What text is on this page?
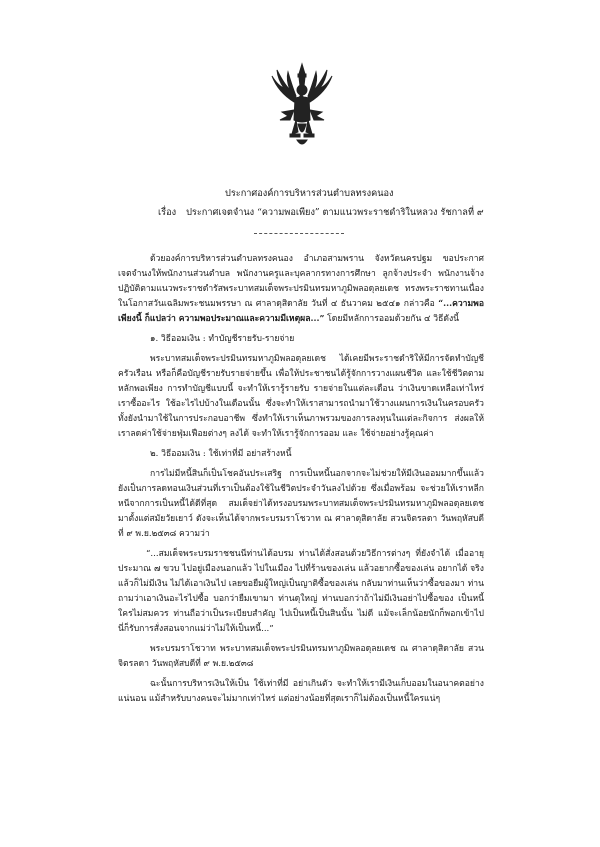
ประกาศองค์การบริหารส่วนตำบลทรงคนอง
เรื่อง ประกาศเจตจำนง “ความพอเพียง” ตามแนวพระราชดำริในหลวง รัชกาลที่ ๙

ด้วยองค์การบริหารส่วนตำบลทรงคนอง อำเภอสามพราน จังหวัดนครปฐม ขอประกาศเจตจำนงให้พนักงานส่วนตำบล พนักงานครูและบุคลากรทางการศึกษา ลูกจ้างประจำ พนักงานจ้าง ปฏิบัติตามแนวพระราชดำรัสพระบาทสมเด็จพระปรมินทรมหาภูมิพลอดุลยเดช ทรงพระราชทานเนื่องในโอกาสวันเฉลิมพระชนมพรรษา ณ ศาลาดุสิดาลัย วันที่ ๔ ธันวาคม ๒๕๔๑ กล่าวคือ “...ความพอเพียงนี้ ก็แปลว่า ความพอประมาณและความมีเหตุผล...” โดยมีหลักการออมด้วยกัน ๔ วิธีดังนี้

๑. วิธีออมเงิน : ทำบัญชีรายรับ-รายจ่าย

พระบาทสมเด็จพระปรมินทรมหาภูมิพลอดุลยเดช ได้เคยมีพระราชดำริให้มีการจัดทำบัญชีครัวเรือน หรือก็คือบัญชีรายรับรายจ่ายขึ้น เพื่อให้ประชาชนได้รู้จักการวางแผนชีวิต และใช้ชีวิตตามหลักพอเพียง การทำบัญชีแบบนี้ จะทำให้เรารู้รายรับ รายจ่ายในแต่ละเดือน ว่าเงินขาดเหลือเท่าไหร่ เราซื้ออะไร ใช้อะไรไปบ้างในเดือนนั้น ซึ่งจะทำให้เราสามารถนำมาใช้วางแผนการเงินในครอบครัว ทั้งยังนำมาใช้ในการประกอบอาชีพ ซึ่งทำให้เราเห็นภาพรวมของการลงทุนในแต่ละกิจการ ส่งผลให้เราลดค่าใช้จ่ายฟุ่มเฟือยต่างๆ ลงได้ จะทำให้เรารู้จักการออม และ ใช้จ่ายอย่างรู้คุณค่า

๒. วิธีออมเงิน : ใช้เท่าที่มี อย่าสร้างหนี้

การไม่มีหนี้สินก็เป็นโชคอันประเสริฐ การเป็นหนี้นอกจากจะไม่ช่วยให้มีเงินออมมากขึ้นแล้ว ยังเป็นการลดทอนเงินส่วนที่เราเป็นต้องใช้ในชีวิตประจำวันลงไปด้วย ซึ่งเมื่อพร้อม จะช่วยให้เราหลีกหนีจากการเป็นหนี้ได้ดีที่สุด สมเด็จย่าได้ทรงอบรมพระบาทสมเด็จพระปรมินทรมหาภูมิพลอดุลยเดชมาตั้งแต่สมัยวัยเยาว์ ดังจะเห็นได้จากพระบรมราโชวาท ณ ศาลาดุสิดาลัย สวนจิตรลดา วันพฤหัสบดีที่ ๙ พ.ย.๒๕๓๘ ความว่า

“...สมเด็จพระบรมราชชนนีท่านได้อบรม ท่านได้สั่งสอนด้วยวิธีการต่างๆ ที่ยังจำได้ เมื่ออายุประมาณ ๗ ขวบ ไปอยู่เมืองนอกแล้ว ไปในเมือง ไปที่ร้านของเล่น แล้วอยากซื้อของเล่น อยากได้ จริงแล้วก็ไม่มีเงิน ไม่ได้เอาเงินไป เลยขอยืมผู้ใหญ่เป็นญาติซื้อของเล่น กลับมาท่านเห็นว่าซื้อของมา ท่านถามว่าเอาเงินอะไรไปซื้อ บอกว่ายืมเขามา ท่านดุใหญ่ ท่านบอกว่าถ้าไม่มีเงินอย่าไปซื้อของ เป็นหนี้ใครไม่สมควร ท่านถือว่าเป็นระเบียบสำคัญ ไปเป็นหนี้เป็นสินนั้น ไม่ดี แม้จะเล็กน้อยนักก็พอกเข้าไป นี่ก็รับการสั่งสอนจากแม่ว่าไม่ให้เป็นหนี้...”

พระบรมราโชวาท พระบาทสมเด็จพระปรมินทรมหาภูมิพลอดุลยเดช ณ ศาลาดุสิดาลัย สวนจิตรลดา วันพฤหัสบดีที่ ๙ พ.ย.๒๕๓๘

ฉะนั้นการบริหารเงินให้เป็น ใช้เท่าที่มี อย่าเกินตัว จะทำให้เรามีเงินเก็บออมในอนาคตอย่างแน่นอน แม้สำหรับบางคนจะไม่มากเท่าไหร่ แต่อย่างน้อยที่สุดเราก็ไม่ต้องเป็นหนี้ใครแน่ๆ
